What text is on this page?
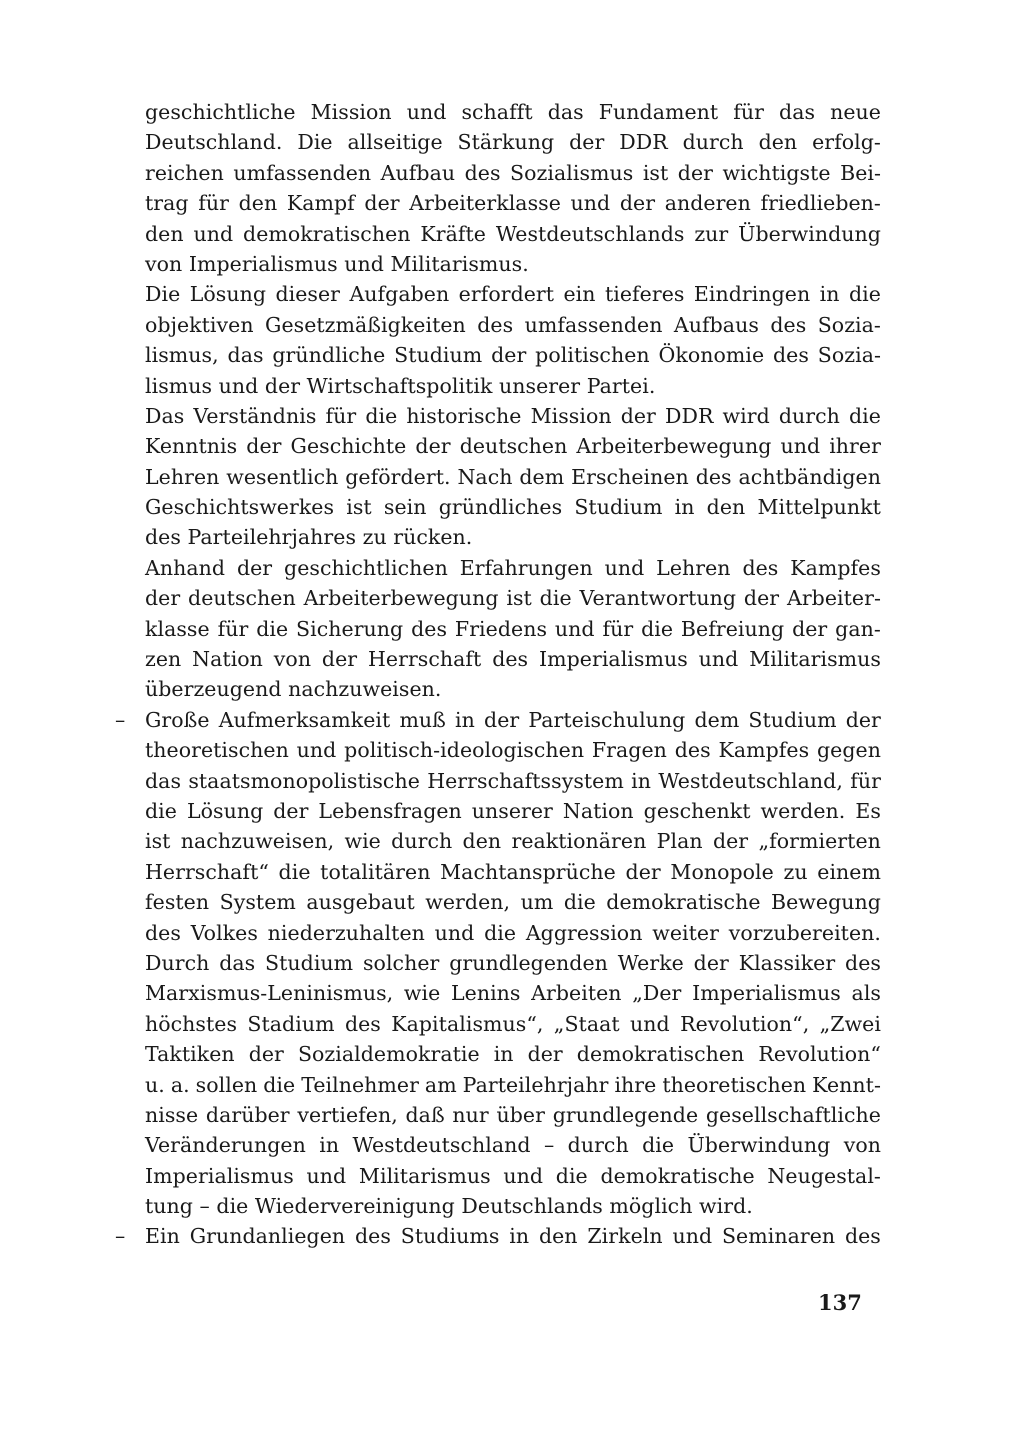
geschichtliche Mission und schafft das Fundament für das neue
Deutschland. Die allseitige Stärkung der DDR durch den erfolg-
reichen umfassenden Aufbau des Sozialismus ist der wichtigste Bei-
trag für den Kampf der Arbeiterklasse und der anderen friedlieben-
den und demokratischen Kräfte Westdeutschlands zur Überwindung
von Imperialismus und Militarismus.
Die Lösung dieser Aufgaben erfordert ein tieferes Eindringen in die
objektiven Gesetzmäßigkeiten des umfassenden Aufbaus des Sozia-
lismus, das gründliche Studium der politischen Ökonomie des Sozia-
lismus und der Wirtschaftspolitik unserer Partei.
Das Verständnis für die historische Mission der DDR wird durch die
Kenntnis der Geschichte der deutschen Arbeiterbewegung und ihrer
Lehren wesentlich gefördert. Nach dem Erscheinen des achtbändigen
Geschichtswerkes ist sein gründliches Studium in den Mittelpunkt
des Parteilehrjahres zu rücken.
Anhand der geschichtlichen Erfahrungen und Lehren des Kampfes
der deutschen Arbeiterbewegung ist die Verantwortung der Arbeiter-
klasse für die Sicherung des Friedens und für die Befreiung der gan-
zen Nation von der Herrschaft des Imperialismus und Militarismus
überzeugend nachzuweisen.
– Große Aufmerksamkeit muß in der Parteischulung dem Studium der
theoretischen und politisch-ideologischen Fragen des Kampfes gegen
das staatsmonopolistische Herrschaftssystem in Westdeutschland, für
die Lösung der Lebensfragen unserer Nation geschenkt werden. Es
ist nachzuweisen, wie durch den reaktionären Plan der „formierten
Herrschaft“ die totalitären Machtansprüche der Monopole zu einem
festen System ausgebaut werden, um die demokratische Bewegung
des Volkes niederzuhalten und die Aggression weiter vorzubereiten.
Durch das Studium solcher grundlegenden Werke der Klassiker des
Marxismus-Leninismus, wie Lenins Arbeiten „Der Imperialismus als
höchstes Stadium des Kapitalismus“, „Staat und Revolution“, „Zwei
Taktiken der Sozialdemokratie in der demokratischen Revolution“
u. a. sollen die Teilnehmer am Parteilehrjahr ihre theoretischen Kennt-
nisse darüber vertiefen, daß nur über grundlegende gesellschaftliche
Veränderungen in Westdeutschland – durch die Überwindung von
Imperialismus und Militarismus und die demokratische Neugestal-
tung – die Wiedervereinigung Deutschlands möglich wird.
– Ein Grundanliegen des Studiums in den Zirkeln und Seminaren des
137
